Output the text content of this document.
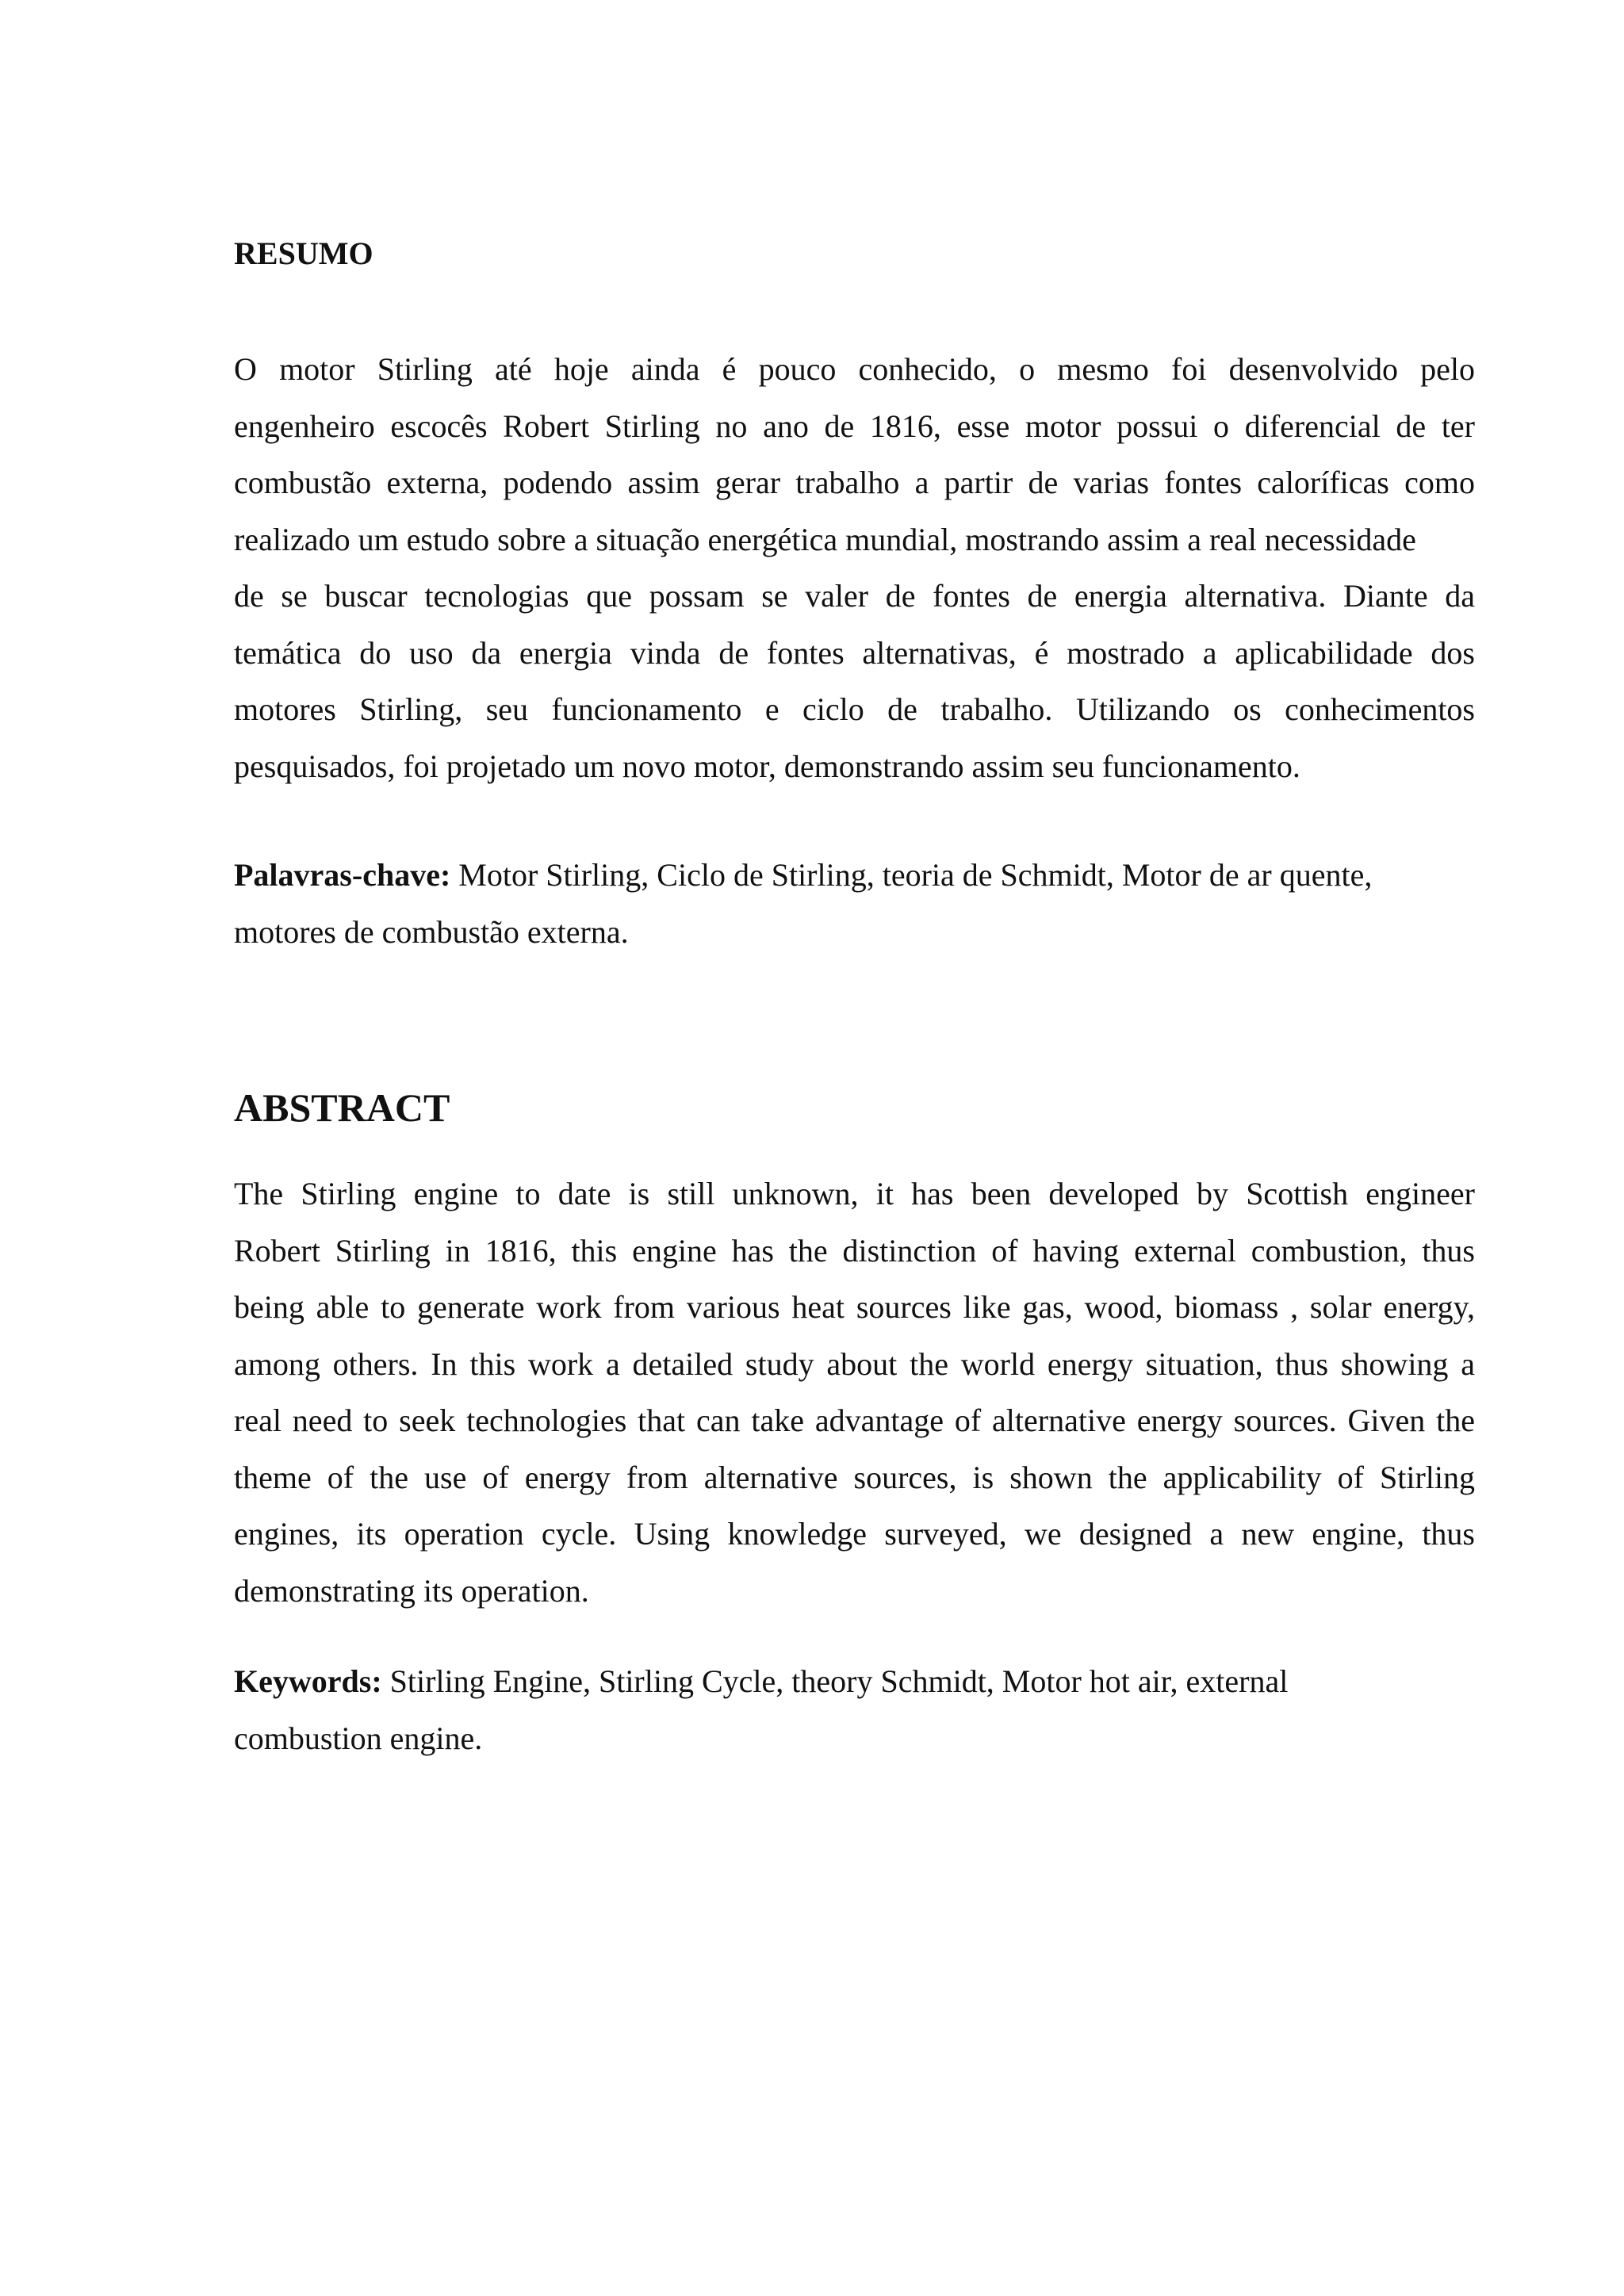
RESUMO
O motor Stirling até hoje ainda é pouco conhecido, o mesmo foi desenvolvido pelo
engenheiro escocês Robert Stirling no ano de 1816, esse motor possui o diferencial de ter
combustão externa, podendo assim gerar trabalho a partir de varias fontes caloríficas como
realizado um estudo sobre a situação energética mundial, mostrando assim a real necessidade
de se buscar tecnologias que possam se valer de fontes de energia alternativa. Diante da
temática do uso da energia vinda de fontes alternativas, é mostrado a aplicabilidade dos
motores Stirling, seu funcionamento e ciclo de trabalho. Utilizando os conhecimentos
pesquisados, foi projetado um novo motor, demonstrando assim seu funcionamento.
Palavras-chave: Motor Stirling, Ciclo de Stirling, teoria de Schmidt, Motor de ar quente,
motores de combustão externa.
ABSTRACT
The Stirling engine to date is still unknown, it has been developed by Scottish engineer
Robert Stirling in 1816, this engine has the distinction of having external combustion, thus
being able to generate work from various heat sources like gas, wood, biomass , solar energy,
among others. In this work a detailed study about the world energy situation, thus showing a
real need to seek technologies that can take advantage of alternative energy sources. Given the
theme of the use of energy from alternative sources, is shown the applicability of Stirling
engines, its operation cycle. Using knowledge surveyed, we designed a new engine, thus
demonstrating its operation.
Keywords: Stirling Engine, Stirling Cycle, theory Schmidt, Motor hot air, external
combustion engine.
